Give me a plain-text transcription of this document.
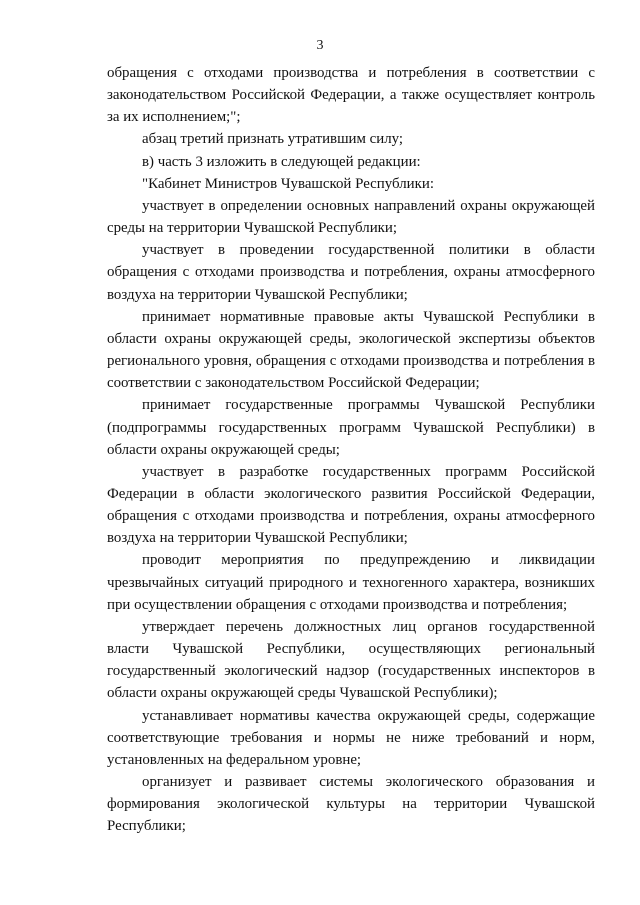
3

обращения с отходами производства и потребления в соответствии с законодательством Российской Федерации, а также осуществляет контроль за их исполнением;";

абзац третий признать утратившим силу;

в) часть 3 изложить в следующей редакции:

"Кабинет Министров Чувашской Республики:

участвует в определении основных направлений охраны окружающей среды на территории Чувашской Республики;

участвует в проведении государственной политики в области обращения с отходами производства и потребления, охраны атмосферного воздуха на территории Чувашской Республики;

принимает нормативные правовые акты Чувашской Республики в области охраны окружающей среды, экологической экспертизы объектов регионального уровня, обращения с отходами производства и потребления в соответствии с законодательством Российской Федерации;

принимает государственные программы Чувашской Республики (подпрограммы государственных программ Чувашской Республики) в области охраны окружающей среды;

участвует в разработке государственных программ Российской Федерации в области экологического развития Российской Федерации, обращения с отходами производства и потребления, охраны атмосферного воздуха на территории Чувашской Республики;

проводит мероприятия по предупреждению и ликвидации чрезвычайных ситуаций природного и техногенного характера, возникших при осуществлении обращения с отходами производства и потребления;

утверждает перечень должностных лиц органов государственной власти Чувашской Республики, осуществляющих региональный государственный экологический надзор (государственных инспекторов в области охраны окружающей среды Чувашской Республики);

устанавливает нормативы качества окружающей среды, содержащие соответствующие требования и нормы не ниже требований и норм, установленных на федеральном уровне;

организует и развивает системы экологического образования и формирования экологической культуры на территории Чувашской Республики;
